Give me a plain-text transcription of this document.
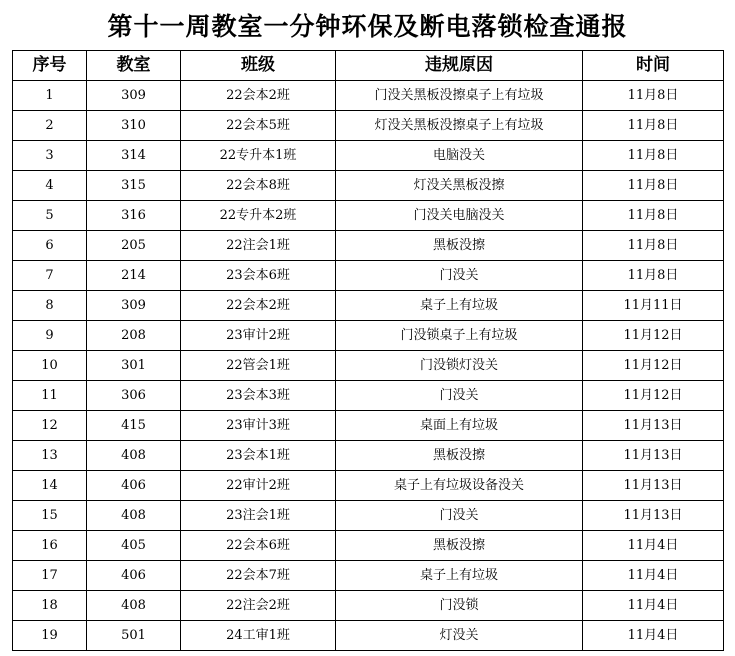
第十一周教室一分钟环保及断电落锁检查通报
序号	教室	班级	违规原因	时间
1	309	22会本2班	门没关黑板没擦桌子上有垃圾	11月8日
2	310	22会本5班	灯没关黑板没擦桌子上有垃圾	11月8日
3	314	22专升本1班	电脑没关	11月8日
4	315	22会本8班	灯没关黑板没擦	11月8日
5	316	22专升本2班	门没关电脑没关	11月8日
6	205	22注会1班	黑板没擦	11月8日
7	214	23会本6班	门没关	11月8日
8	309	22会本2班	桌子上有垃圾	11月11日
9	208	23审计2班	门没锁桌子上有垃圾	11月12日
10	301	22管会1班	门没锁灯没关	11月12日
11	306	23会本3班	门没关	11月12日
12	415	23审计3班	桌面上有垃圾	11月13日
13	408	23会本1班	黑板没擦	11月13日
14	406	22审计2班	桌子上有垃圾设备没关	11月13日
15	408	23注会1班	门没关	11月13日
16	405	22会本6班	黑板没擦	11月4日
17	406	22会本7班	桌子上有垃圾	11月4日
18	408	22注会2班	门没锁	11月4日
19	501	24工审1班	灯没关	11月4日
